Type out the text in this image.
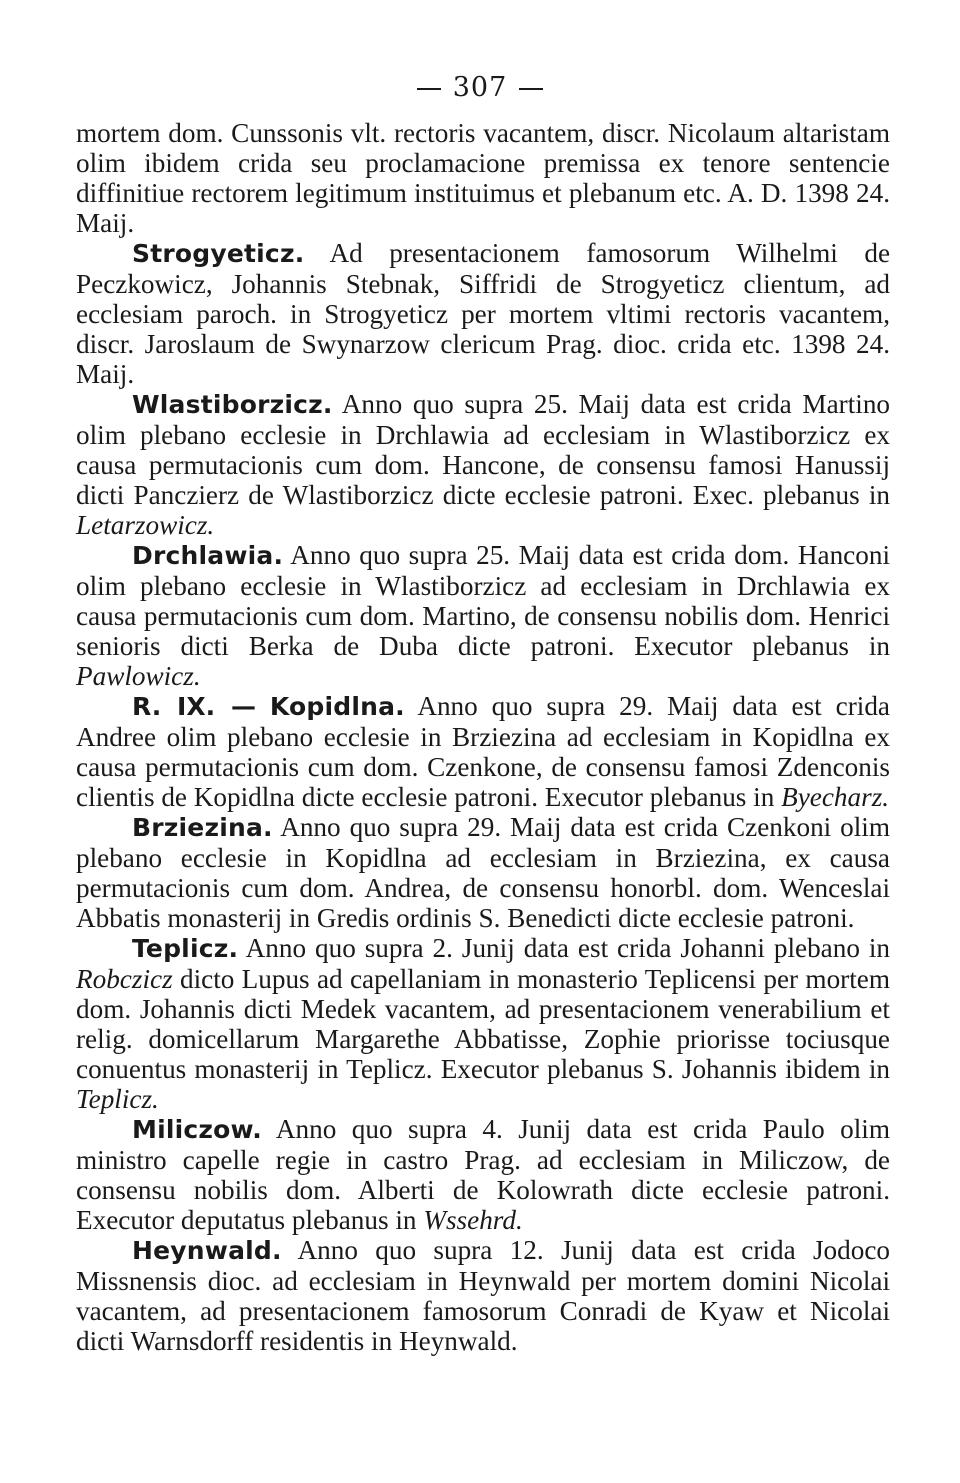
307

mortem dom. Cunssonis vlt. rectoris vacantem, discr. Nicolaum altaristam olim ibidem crida seu proclamacione premissa ex tenore sentencie diffinitiue rectorem legitimum instituimus et plebanum etc. A. D. 1398 24. Maij.

Strogyeticz. Ad presentacionem famosorum Wilhelmi de Peczkowicz, Johannis Stebnak, Siffridi de Strogyeticz clientum, ad ecclesiam paroch. in Strogyeticz per mortem vltimi rectoris vacantem, discr. Jaroslaum de Swynarzow clericum Prag. dioc. crida etc. 1398 24. Maij.

Wlastiborzicz. Anno quo supra 25. Maij data est crida Martino olim plebano ecclesie in Drchlawia ad ecclesiam in Wlastiborzicz ex causa permutacionis cum dom. Hancone, de consensu famosi Hanussij dicti Panczierz de Wlastiborzicz dicte ecclesie patroni. Exec. plebanus in Letarzowicz.

Drchlawia. Anno quo supra 25. Maij data est crida dom. Hanconi olim plebano ecclesie in Wlastiborzicz ad ecclesiam in Drchlawia ex causa permutacionis cum dom. Martino, de consensu nobilis dom. Henrici senioris dicti Berka de Duba dicte patroni. Executor plebanus in Pawlowicz.

R. IX. — Kopidlna. Anno quo supra 29. Maij data est crida Andree olim plebano ecclesie in Brziezina ad ecclesiam in Kopidlna ex causa permutacionis cum dom. Czenkone, de consensu famosi Zdenconis clientis de Kopidlna dicte ecclesie patroni. Executor plebanus in Byecharz.

Brziezina. Anno quo supra 29. Maij data est crida Czenkoni olim plebano ecclesie in Kopidlna ad ecclesiam in Brziezina, ex causa permutacionis cum dom. Andrea, de consensu honorbl. dom. Wenceslai Abbatis monasterij in Gredis ordinis S. Benedicti dicte ecclesie patroni.

Teplicz. Anno quo supra 2. Junij data est crida Johanni plebano in Robczicz dicto Lupus ad capellaniam in monasterio Teplicensi per mortem dom. Johannis dicti Medek vacantem, ad presentacionem venerabilium et relig. domicellarum Margarethe Abbatisse, Zophie priorisse tociusque conuentus monasterij in Teplicz. Executor plebanus S. Johannis ibidem in Teplicz.

Miliczow. Anno quo supra 4. Junij data est crida Paulo olim ministro capelle regie in castro Prag. ad ecclesiam in Miliczow, de consensu nobilis dom. Alberti de Kolowrath dicte ecclesie patroni. Executor deputatus plebanus in Wssehrd.

Heynwald. Anno quo supra 12. Junij data est crida Jodoco Missnensis dioc. ad ecclesiam in Heynwald per mortem domini Nicolai vacantem, ad presentacionem famosorum Conradi de Kyaw et Nicolai dicti Warnsdorff residentis in Heynwald.
